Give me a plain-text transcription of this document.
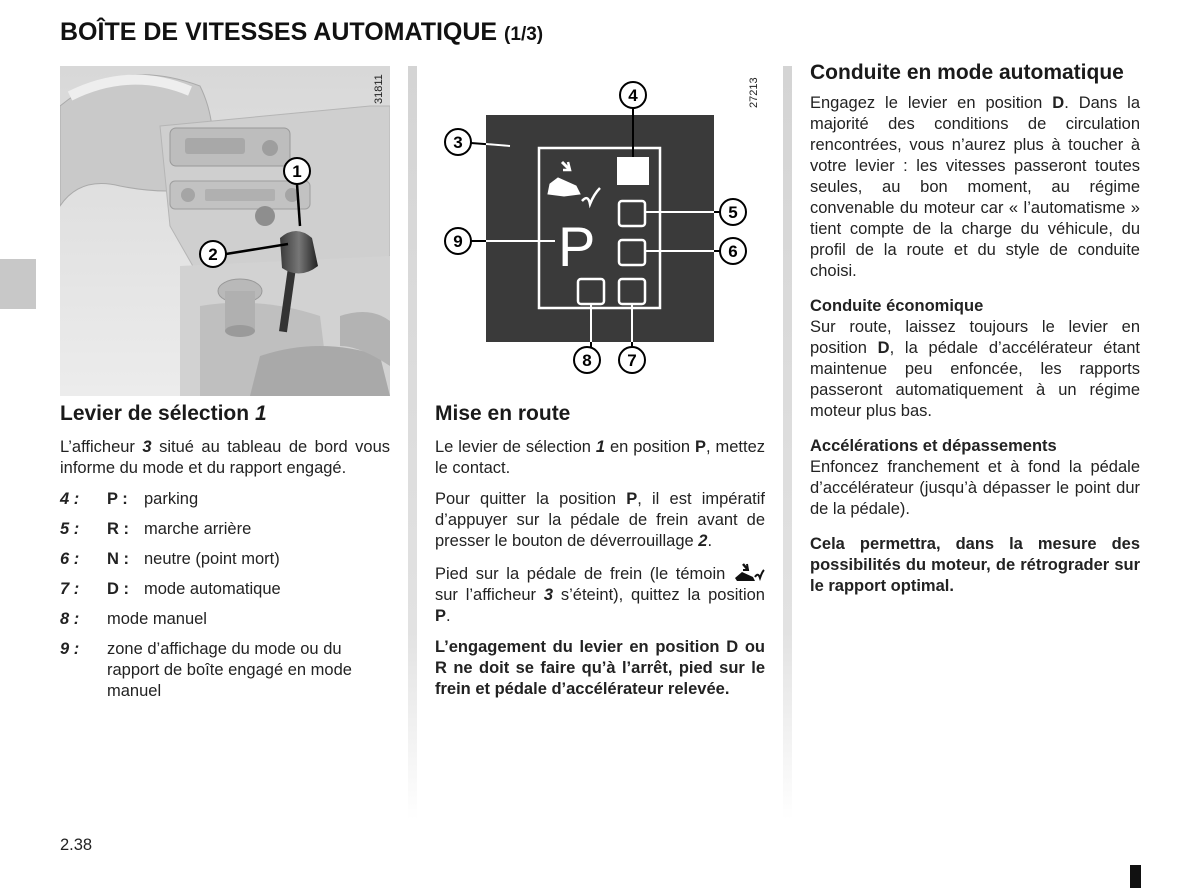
BOÎTE DE VITESSES AUTOMATIQUE (1/3)
31811
1
2	P
3
4
5
6
7
8
9
27213
Levier de sélection 1

L’afficheur 3 situé au tableau de bord vous informe du mode et du rapport engagé.

4 :	P : parking
5 :	R : marche arrière
6 :	N : neutre (point mort)
7 :	D : mode automatique
8 :	mode manuel
9 :	zone d’affichage du mode ou du rapport de boîte engagé en mode manuel
Mise en route

Le levier de sélection 1 en position P, mettez le contact.

Pour quitter la position P, il est impératif d’appuyer sur la pédale de frein avant de presser le bouton de déverrouillage 2.

Pied sur la pédale de frein (le témoin  sur l’afficheur 3 s’éteint), quittez la position P.

L’engagement du levier en position D ou R ne doit se faire qu’à l’arrêt, pied sur le frein et pédale d’accélérateur relevée.

Conduite en mode automatique

Engagez le levier en position D. Dans la majorité des conditions de circulation rencontrées, vous n’aurez plus à toucher à votre levier : les vitesses passeront toutes seules, au bon moment, au régime convenable du moteur car « l’automatisme » tient compte de la charge du véhicule, du profil de la route et du style de conduite choisi.

Conduite économique

Sur route, laissez toujours le levier en position D, la pédale d’accélérateur étant maintenue peu enfoncée, les rapports passeront automatiquement à un régime moteur plus bas.

Accélérations et dépassements

Enfoncez franchement et à fond la pédale d’accélérateur (jusqu’à dépasser le point dur de la pédale).

Cela permettra, dans la mesure des possibilités du moteur, de rétrograder sur le rapport optimal.

2.38
